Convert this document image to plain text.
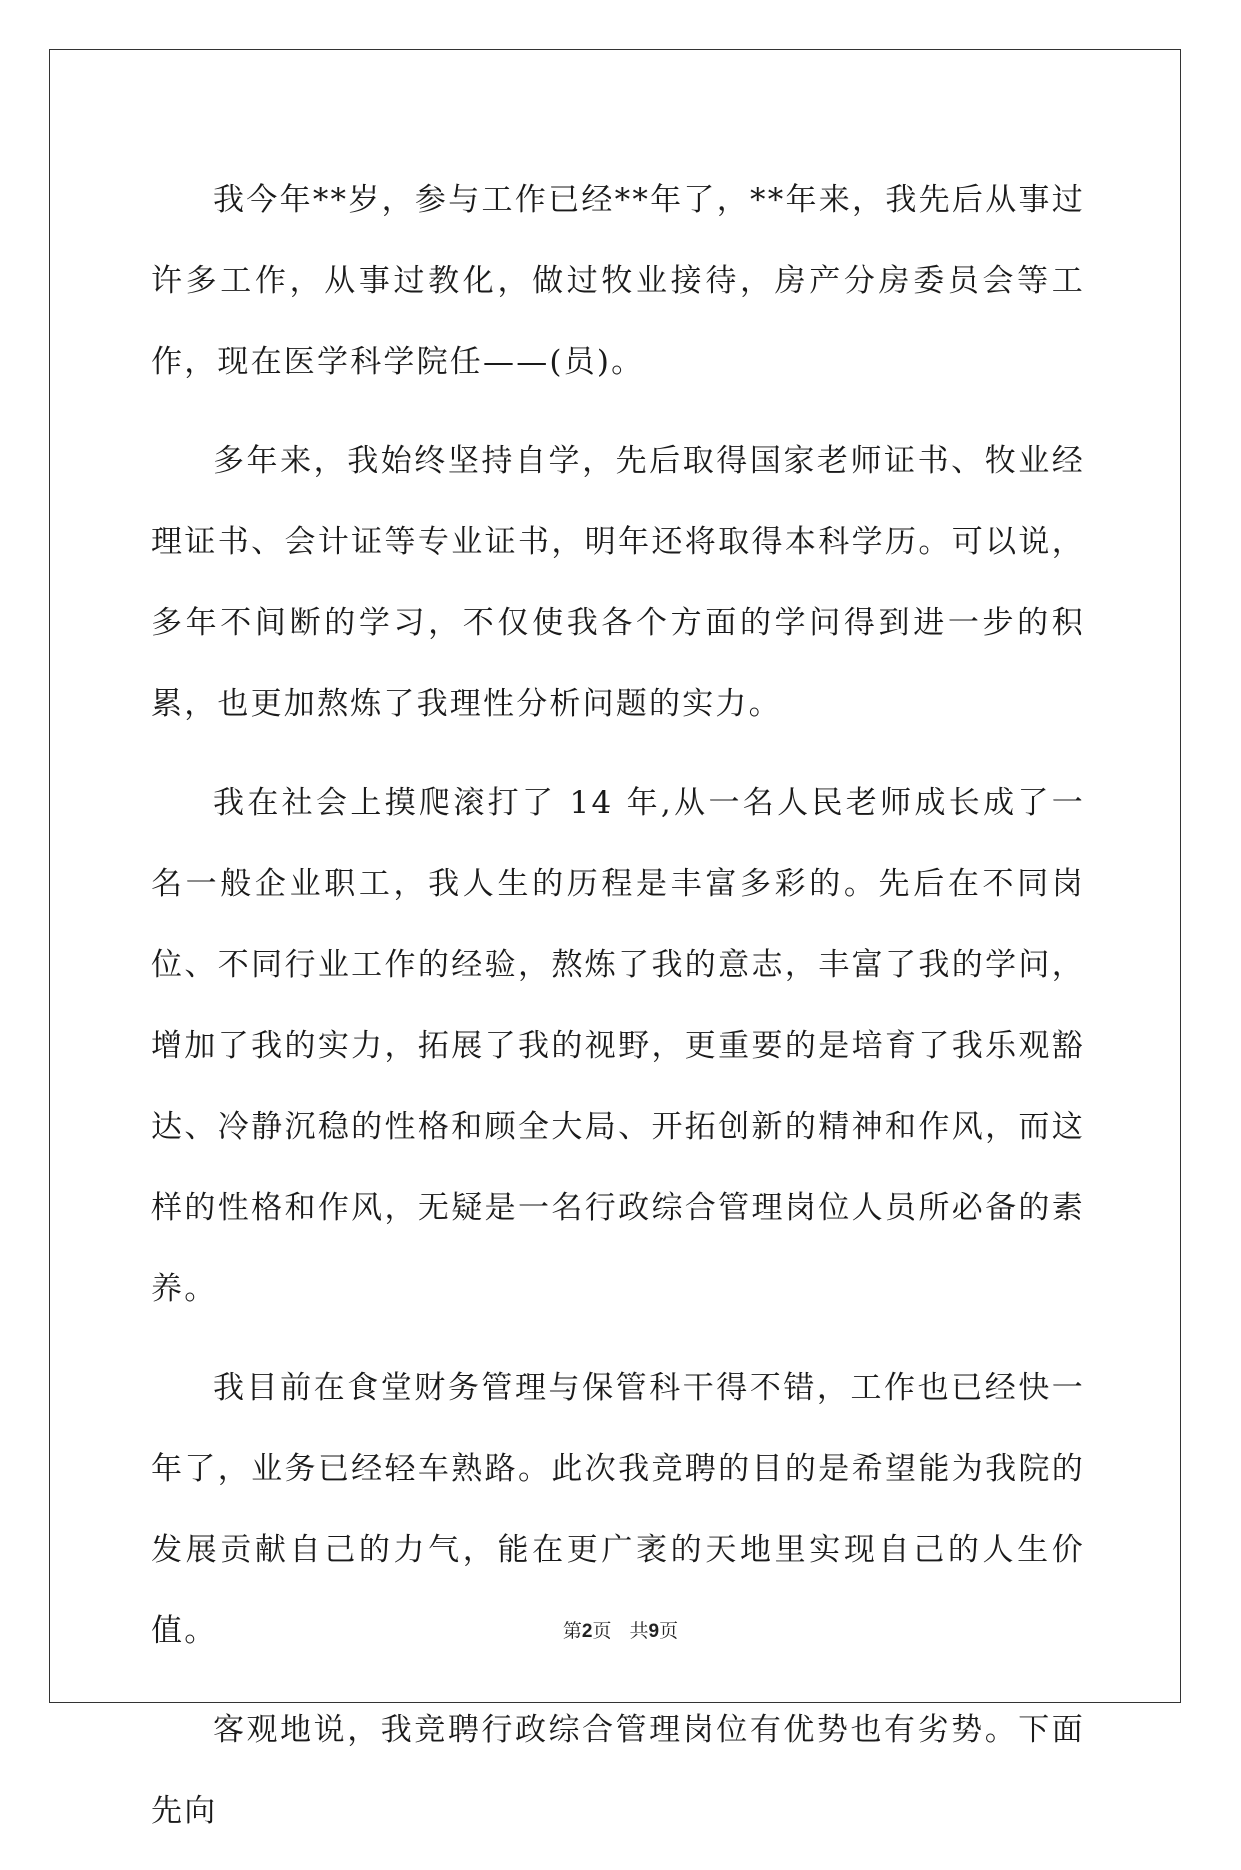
我今年**岁，参与工作已经**年了，**年来，我先后从事过许多工作，从事过教化，做过牧业接待，房产分房委员会等工作，现在医学科学院任——(员)。

多年来，我始终坚持自学，先后取得国家老师证书、牧业经理证书、会计证等专业证书，明年还将取得本科学历。可以说，多年不间断的学习，不仅使我各个方面的学问得到进一步的积累，也更加熬炼了我理性分析问题的实力。

我在社会上摸爬滚打了 14 年,从一名人民老师成长成了一名一般企业职工，我人生的历程是丰富多彩的。先后在不同岗位、不同行业工作的经验，熬炼了我的意志，丰富了我的学问，增加了我的实力，拓展了我的视野，更重要的是培育了我乐观豁达、冷静沉稳的性格和顾全大局、开拓创新的精神和作风，而这样的性格和作风，无疑是一名行政综合管理岗位人员所必备的素养。

我目前在食堂财务管理与保管科干得不错，工作也已经快一年了，业务已经轻车熟路。此次我竞聘的目的是希望能为我院的发展贡献自己的力气，能在更广袤的天地里实现自己的人生价值。

客观地说，我竞聘行政综合管理岗位有优势也有劣势。下面先向

第2页 共9页
